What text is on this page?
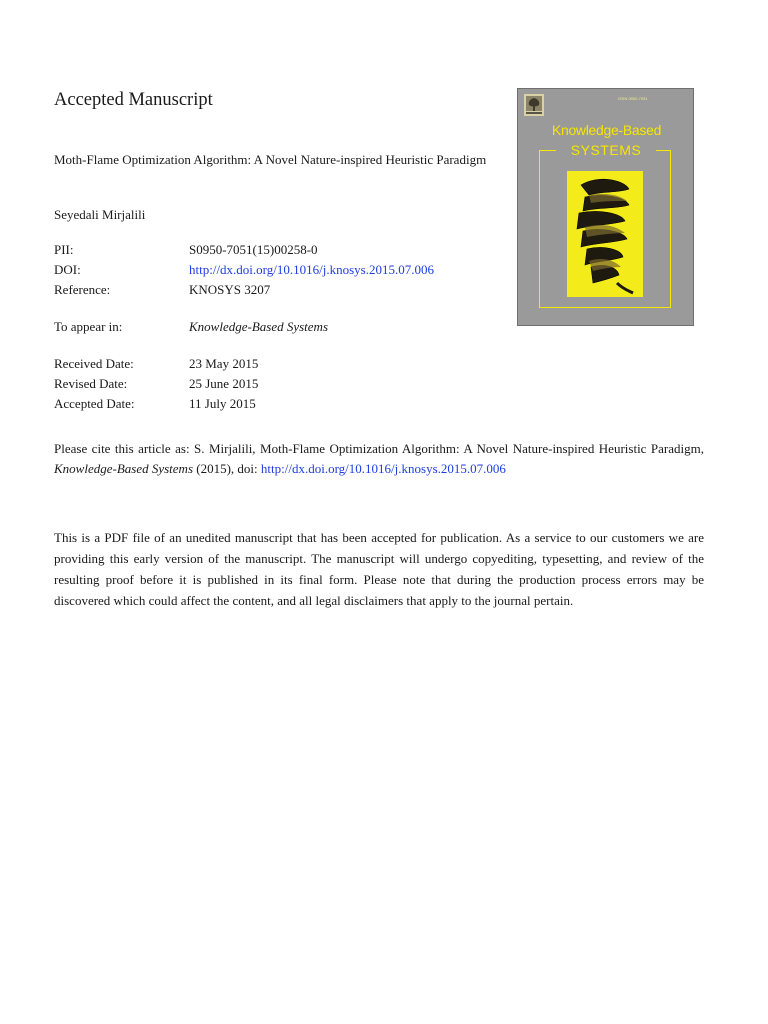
Accepted Manuscript

Moth-Flame Optimization Algorithm: A Novel Nature-inspired Heuristic Paradigm

Seyedali Mirjalili
PII:	S0950-7051(15)00258-0
DOI:	http://dx.doi.org/10.1016/j.knosys.2015.07.006
Reference:	KNOSYS 3207
To appear in:	Knowledge-Based Systems
Received Date:	23 May 2015
Revised Date:	25 June 2015
Accepted Date:	11 July 2015

Please cite this article as: S. Mirjalili, Moth-Flame Optimization Algorithm: A Novel Nature-inspired Heuristic Paradigm, Knowledge-Based Systems (2015), doi: http://dx.doi.org/10.1016/j.knosys.2015.07.006

This is a PDF file of an unedited manuscript that has been accepted for publication. As a service to our customers we are providing this early version of the manuscript. The manuscript will undergo copyediting, typesetting, and review of the resulting proof before it is published in its final form. Please note that during the production process errors may be discovered which could affect the content, and all legal disclaimers that apply to the journal pertain.

ISSN 0950-7051
Knowledge-Based
SYSTEMS
